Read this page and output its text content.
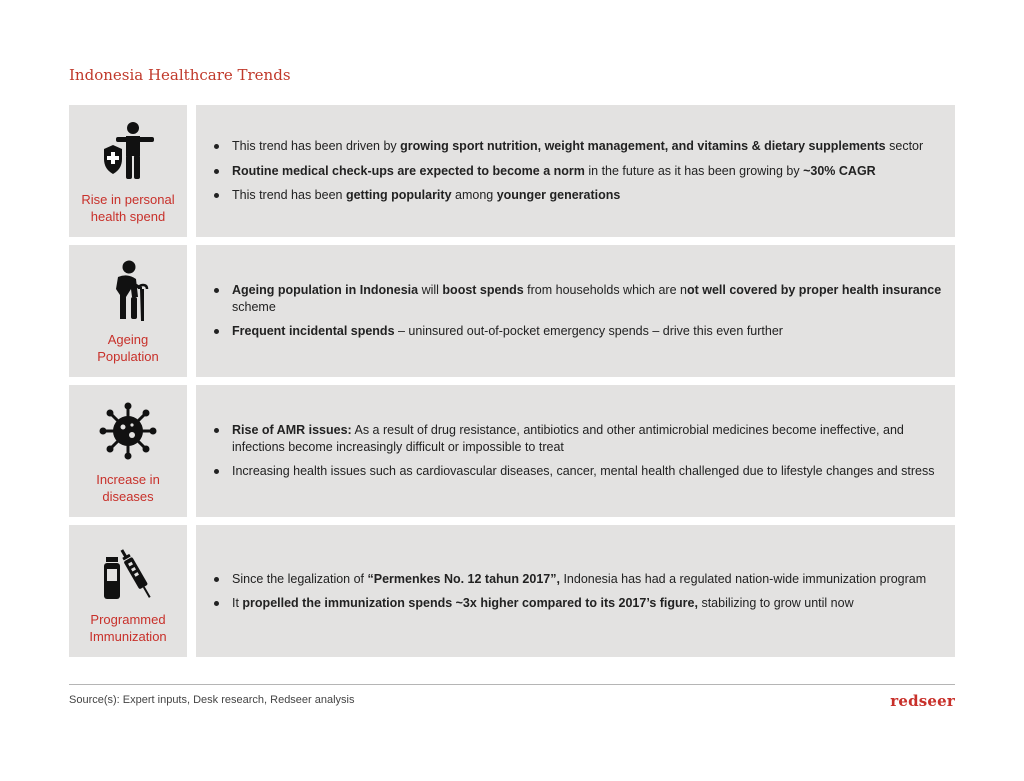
Indonesia Healthcare Trends
Rise in personal
health spend
This trend has been driven by growing sport nutrition, weight management, and vitamins & dietary supplements sector
Routine medical check-ups are expected to become a norm in the future as it has been growing by ~30% CAGR
This trend has been getting popularity among younger generations
Ageing
Population
Ageing population in Indonesia will boost spends from households which are not well covered by proper health insurance scheme
Frequent incidental spends – uninsured out-of-pocket emergency spends – drive this even further
Increase in
diseases
Rise of AMR issues: As a result of drug resistance, antibiotics and other antimicrobial medicines become ineffective, and infections become increasingly difficult or impossible to treat
Increasing health issues such as cardiovascular diseases, cancer, mental health challenged due to lifestyle changes and stress
Programmed
Immunization
Since the legalization of “Permenkes No. 12 tahun 2017”, Indonesia has had a regulated nation-wide immunization program
It propelled the immunization spends ~3x higher compared to its 2017’s figure, stabilizing to grow until now
Source(s): Expert inputs, Desk research, Redseer analysis	redseer
